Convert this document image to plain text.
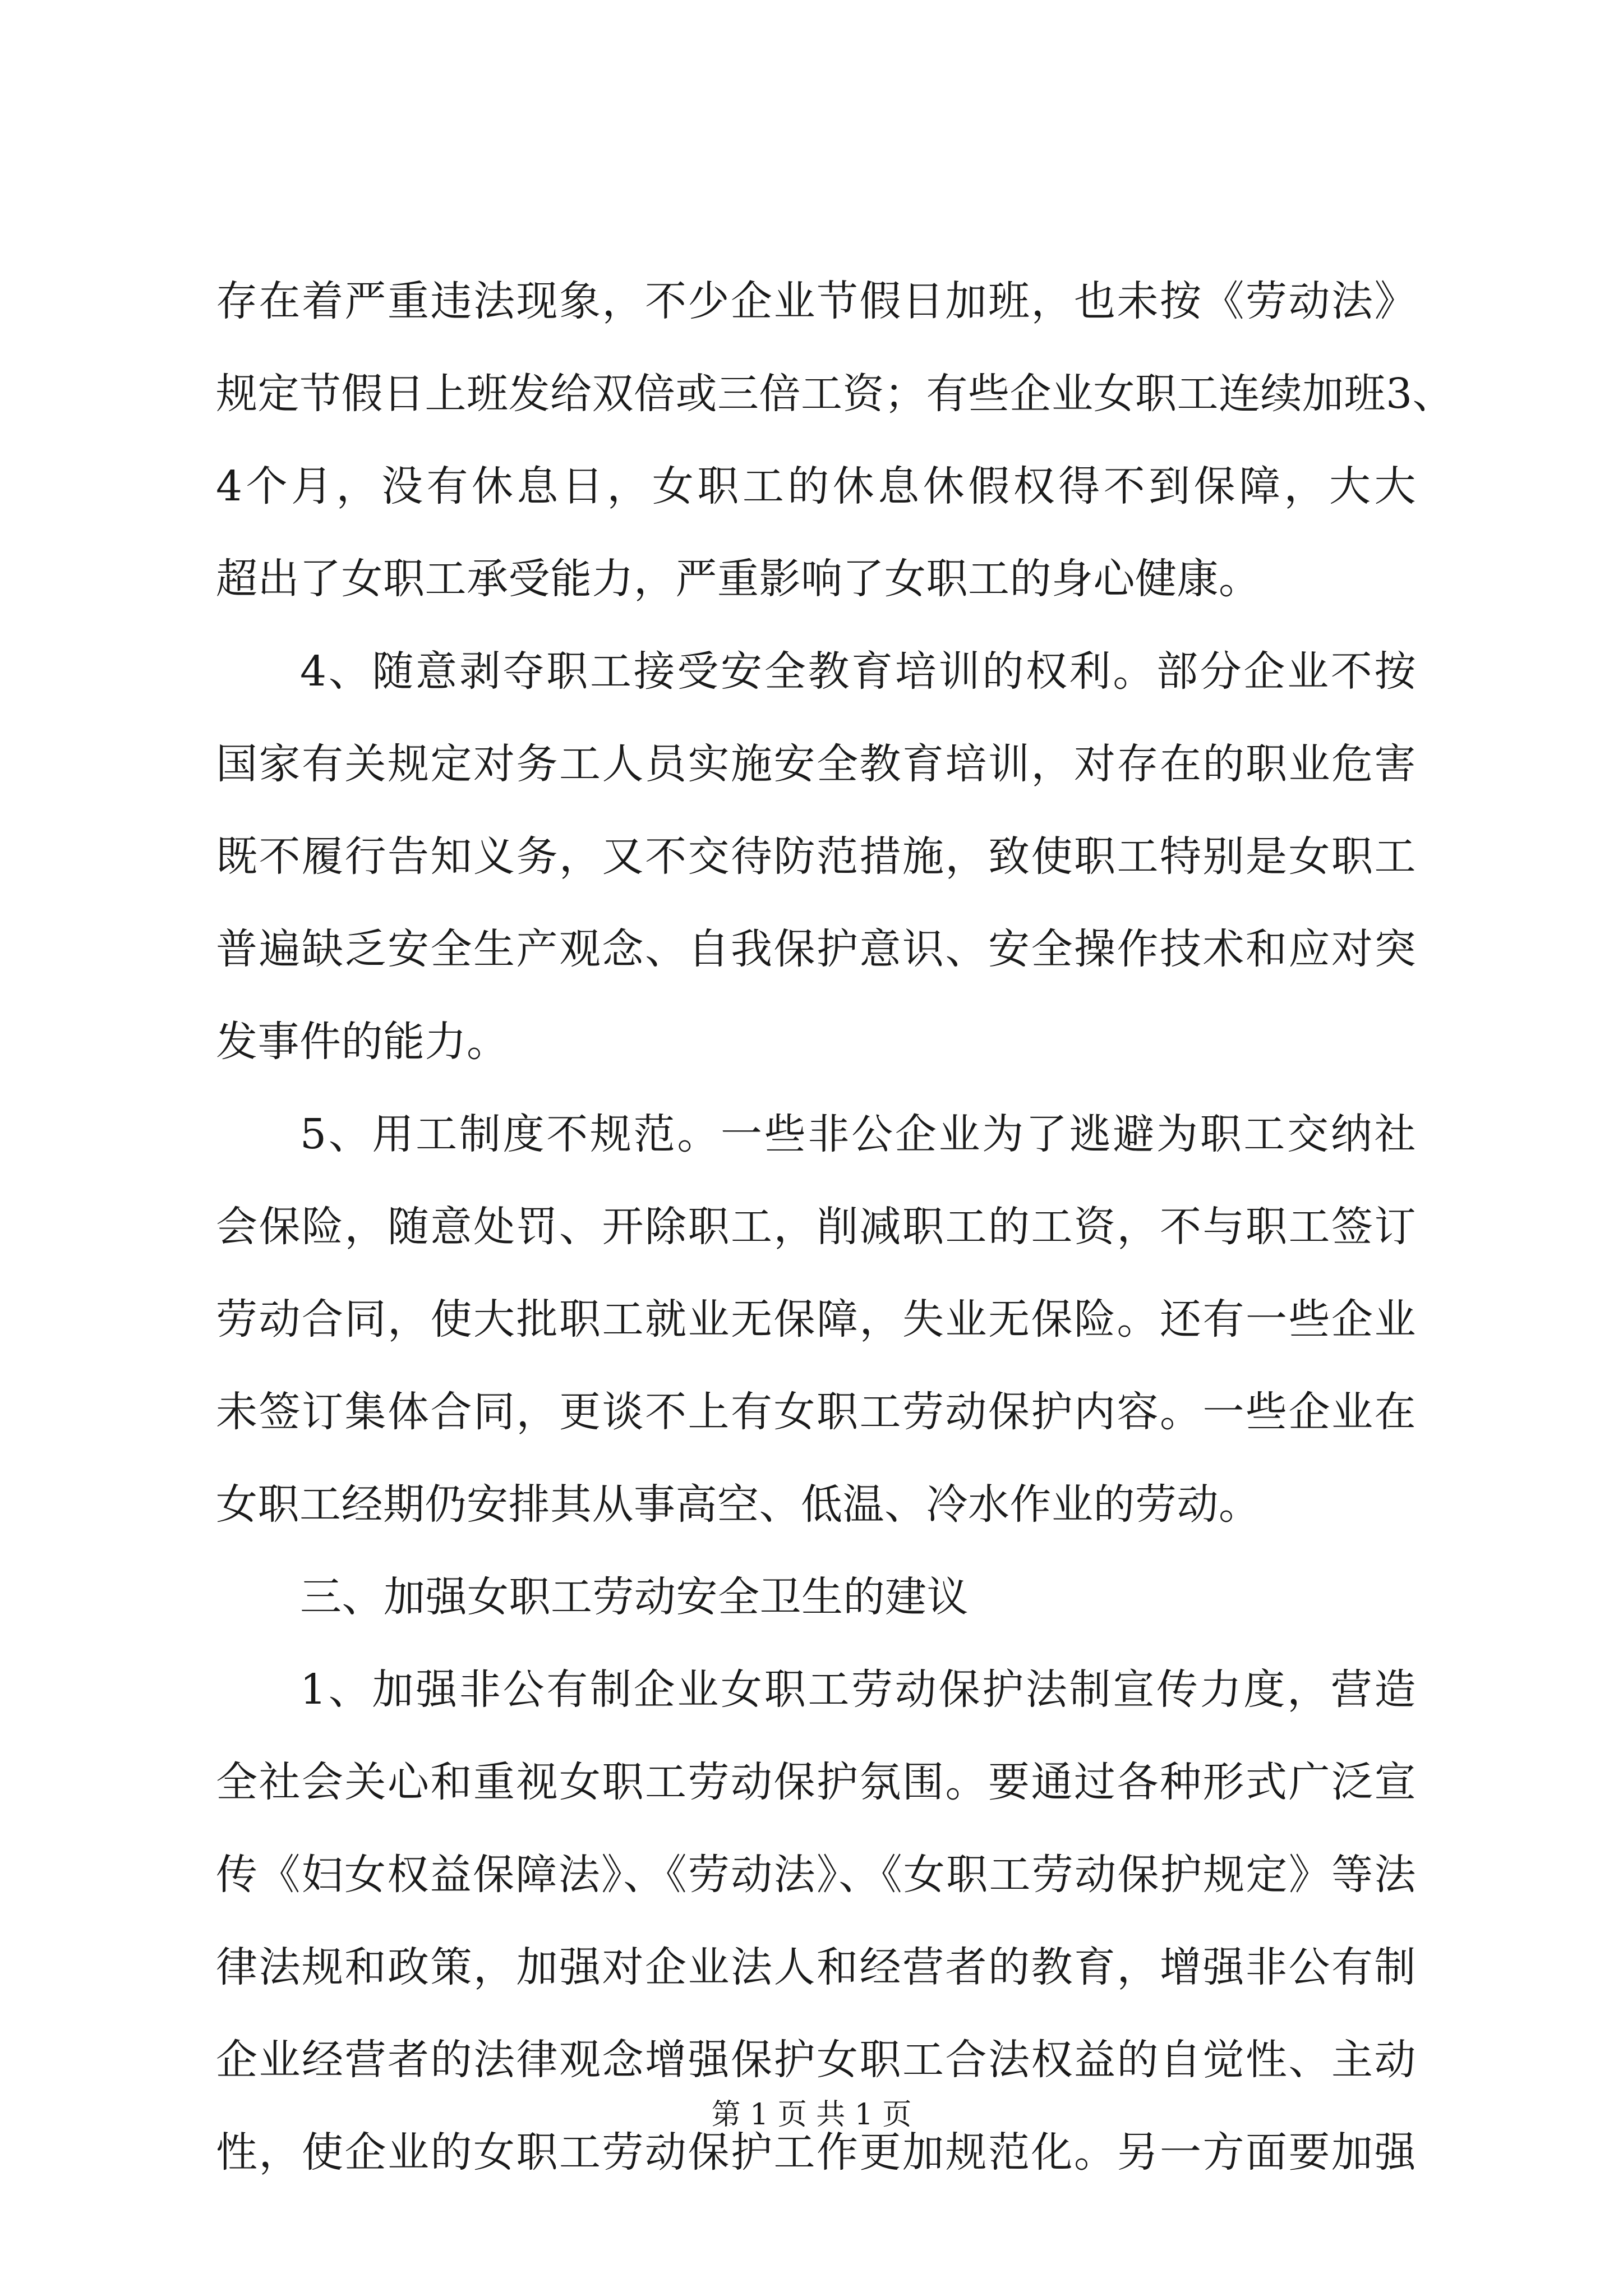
存在着严重违法现象，不少企业节假日加班，也未按《劳动法》
规定节假日上班发给双倍或三倍工资；有些企业女职工连续加班3、
4个月，没有休息日，女职工的休息休假权得不到保障，大大
超出了女职工承受能力，严重影响了女职工的身心健康。
4、随意剥夺职工接受安全教育培训的权利。部分企业不按
国家有关规定对务工人员实施安全教育培训，对存在的职业危害
既不履行告知义务，又不交待防范措施，致使职工特别是女职工
普遍缺乏安全生产观念、自我保护意识、安全操作技术和应对突
发事件的能力。
5、用工制度不规范。一些非公企业为了逃避为职工交纳社
会保险，随意处罚、开除职工，削减职工的工资，不与职工签订
劳动合同，使大批职工就业无保障，失业无保险。还有一些企业
未签订集体合同，更谈不上有女职工劳动保护内容。一些企业在
女职工经期仍安排其从事高空、低温、冷水作业的劳动。
三、加强女职工劳动安全卫生的建议
1、加强非公有制企业女职工劳动保护法制宣传力度，营造
全社会关心和重视女职工劳动保护氛围。要通过各种形式广泛宣
传《妇女权益保障法》、《劳动法》、《女职工劳动保护规定》等法
律法规和政策，加强对企业法人和经营者的教育，增强非公有制
企业经营者的法律观念增强保护女职工合法权益的自觉性、主动
性，使企业的女职工劳动保护工作更加规范化。另一方面要加强
第 1 页 共 1 页
